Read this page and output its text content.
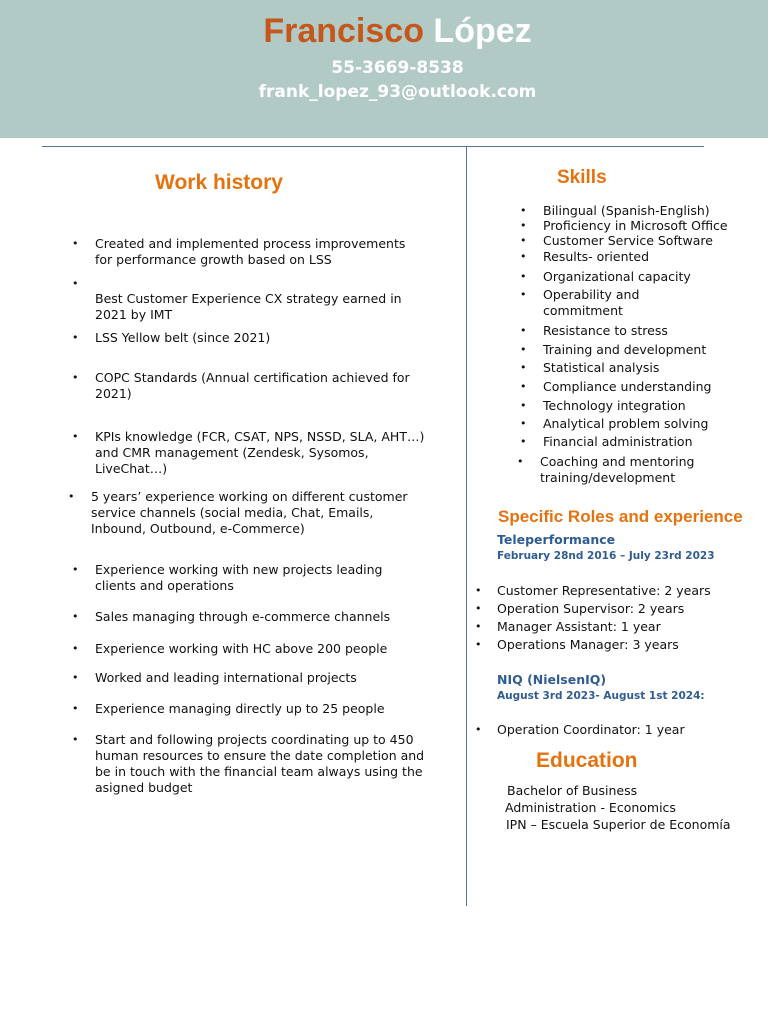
Francisco López
55-3669-8538
frank_lopez_93@outlook.com
Work history
• Created and implemented process improvements for performance growth based on LSS
•
Best Customer Experience CX strategy earned in 2021 by IMT
• LSS Yellow belt (since 2021)
• COPC Standards (Annual certification achieved for 2021)
• KPIs knowledge (FCR, CSAT, NPS, NSSD, SLA, AHT…) and CMR management (Zendesk, Sysomos, LiveChat…)
• 5 years’ experience working on different customer service channels (social media, Chat, Emails, Inbound, Outbound, e-Commerce)
• Experience working with new projects leading clients and operations
• Sales managing through e-commerce channels
• Experience working with HC above 200 people
• Worked and leading international projects
• Experience managing directly up to 25 people
• Start and following projects coordinating up to 450 human resources to ensure the date completion and be in touch with the financial team always using the asigned budget
Skills
• Bilingual (Spanish-English)
• Proficiency in Microsoft Office
• Customer Service Software
• Results- oriented
• Organizational capacity
• Operability and commitment
• Resistance to stress
• Training and development
• Statistical analysis
• Compliance understanding
• Technology integration
• Analytical problem solving
• Financial administration
• Coaching and mentoring training/development
Specific Roles and experience
Teleperformance
February 28nd 2016 – July 23rd 2023
• Customer Representative: 2 years
• Operation Supervisor: 2 years
• Manager Assistant: 1 year
• Operations Manager: 3 years
NIQ (NielsenIQ)
August 3rd 2023- August 1st 2024:
• Operation Coordinator: 1 year
Education
Bachelor of Business
Administration - Economics
IPN – Escuela Superior de Economía
